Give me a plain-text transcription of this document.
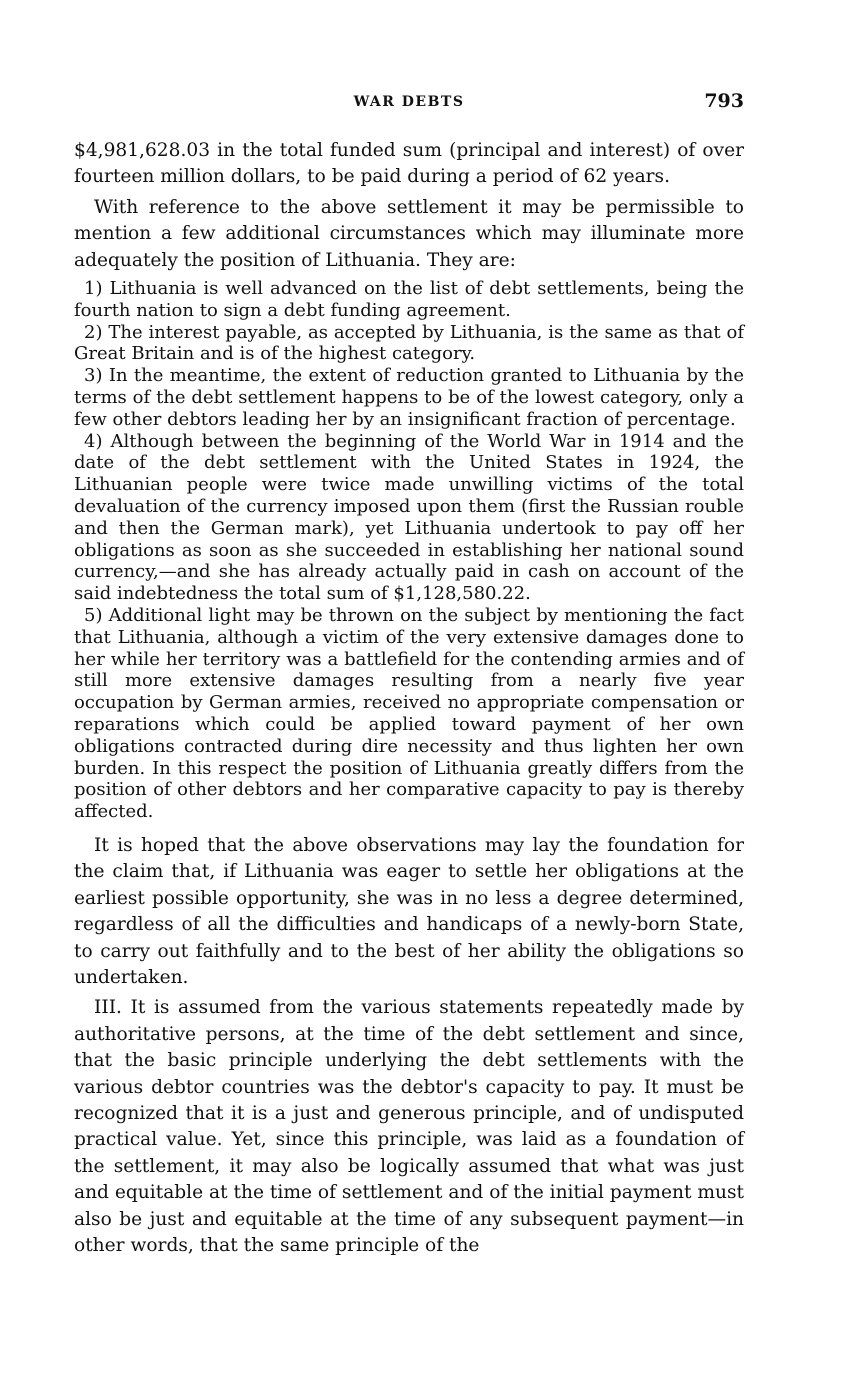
WAR DEBTS	793

$4,981,628.03 in the total funded sum (principal and interest) of over fourteen million dollars, to be paid during a period of 62 years.

With reference to the above settlement it may be permissible to mention a few additional circumstances which may illuminate more adequately the position of Lithuania. They are:

1) Lithuania is well advanced on the list of debt settlements, being the fourth nation to sign a debt funding agreement.

2) The interest payable, as accepted by Lithuania, is the same as that of Great Britain and is of the highest category.

3) In the meantime, the extent of reduction granted to Lithuania by the terms of the debt settlement happens to be of the lowest category, only a few other debtors leading her by an insignificant fraction of percentage.

4) Although between the beginning of the World War in 1914 and the date of the debt settlement with the United States in 1924, the Lithuanian people were twice made unwilling victims of the total devaluation of the currency imposed upon them (first the Russian rouble and then the German mark), yet Lithuania undertook to pay off her obligations as soon as she succeeded in establishing her national sound currency,—and she has already actually paid in cash on account of the said indebtedness the total sum of $1,128,580.22.

5) Additional light may be thrown on the subject by mentioning the fact that Lithuania, although a victim of the very extensive damages done to her while her territory was a battlefield for the contending armies and of still more extensive damages resulting from a nearly five year occupation by German armies, received no appropriate compensation or reparations which could be applied toward payment of her own obligations contracted during dire necessity and thus lighten her own burden. In this respect the position of Lithuania greatly differs from the position of other debtors and her comparative capacity to pay is thereby affected.

It is hoped that the above observations may lay the foundation for the claim that, if Lithuania was eager to settle her obligations at the earliest possible opportunity, she was in no less a degree determined, regardless of all the difficulties and handicaps of a newly-born State, to carry out faithfully and to the best of her ability the obligations so undertaken.

III. It is assumed from the various statements repeatedly made by authoritative persons, at the time of the debt settlement and since, that the basic principle underlying the debt settlements with the various debtor countries was the debtor's capacity to pay. It must be recognized that it is a just and generous principle, and of undisputed practical value. Yet, since this principle, was laid as a foundation of the settlement, it may also be logically assumed that what was just and equitable at the time of settlement and of the initial payment must also be just and equitable at the time of any subsequent payment—in other words, that the same principle of the
